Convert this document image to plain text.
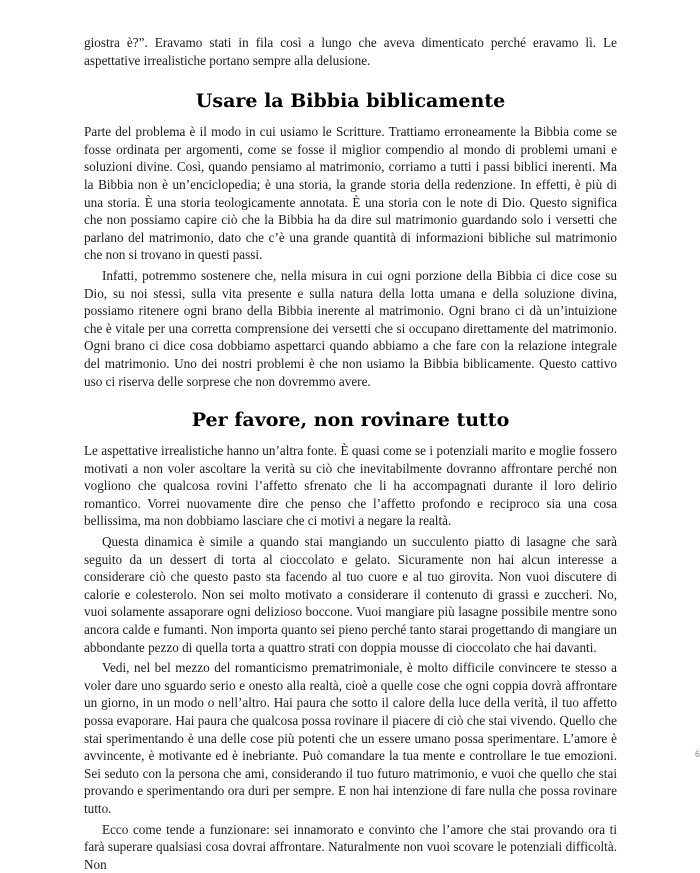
giostra è?”. Eravamo stati in fila così a lungo che aveva dimenticato perché eravamo lì. Le aspettative irrealistiche portano sempre alla delusione.

Usare la Bibbia biblicamente

Parte del problema è il modo in cui usiamo le Scritture. Trattiamo erroneamente la Bibbia come se fosse ordinata per argomenti, come se fosse il miglior compendio al mondo di problemi umani e soluzioni divine. Così, quando pensiamo al matrimonio, corriamo a tutti i passi biblici inerenti. Ma la Bibbia non è un’enciclopedia; è una storia, la grande storia della redenzione. In effetti, è più di una storia. È una storia teologicamente annotata. È una storia con le note di Dio. Questo significa che non possiamo capire ciò che la Bibbia ha da dire sul matrimonio guardando solo i versetti che parlano del matrimonio, dato che c’è una grande quantità di informazioni bibliche sul matrimonio che non si trovano in questi passi.

Infatti, potremmo sostenere che, nella misura in cui ogni porzione della Bibbia ci dice cose su Dio, su noi stessi, sulla vita presente e sulla natura della lotta umana e della soluzione divina, possiamo ritenere ogni brano della Bibbia inerente al matrimonio. Ogni brano ci dà un’intuizione che è vitale per una corretta comprensione dei versetti che si occupano direttamente del matrimonio. Ogni brano ci dice cosa dobbiamo aspettarci quando abbiamo a che fare con la relazione integrale del matrimonio. Uno dei nostri problemi è che non usiamo la Bibbia biblicamente. Questo cattivo uso ci riserva delle sorprese che non dovremmo avere.

Per favore, non rovinare tutto

Le aspettative irrealistiche hanno un’altra fonte. È quasi come se i potenziali marito e moglie fossero motivati a non voler ascoltare la verità su ciò che inevitabilmente dovranno affrontare perché non vogliono che qualcosa rovini l’affetto sfrenato che li ha accompagnati durante il loro delirio romantico. Vorrei nuovamente dire che penso che l’affetto profondo e reciproco sia una cosa bellissima, ma non dobbiamo lasciare che ci motivi a negare la realtà.

Questa dinamica è simile a quando stai mangiando un succulento piatto di lasagne che sarà seguito da un dessert di torta al cioccolato e gelato. Sicuramente non hai alcun interesse a considerare ciò che questo pasto sta facendo al tuo cuore e al tuo girovita. Non vuoi discutere di calorie e colesterolo. Non sei molto motivato a considerare il contenuto di grassi e zuccheri. No, vuoi solamente assaporare ogni delizioso boccone. Vuoi mangiare più lasagne possibile mentre sono ancora calde e fumanti. Non importa quanto sei pieno perché tanto starai progettando di mangiare un abbondante pezzo di quella torta a quattro strati con doppia mousse di cioccolato che hai davanti.

Vedi, nel bel mezzo del romanticismo prematrimoniale, è molto difficile convincere te stesso a voler dare uno sguardo serio e onesto alla realtà, cioè a quelle cose che ogni coppia dovrà affrontare un giorno, in un modo o nell’altro. Hai paura che sotto il calore della luce della verità, il tuo affetto possa evaporare. Hai paura che qualcosa possa rovinare il piacere di ciò che stai vivendo. Quello che stai sperimentando è una delle cose più potenti che un essere umano possa sperimentare. L’amore è avvincente, è motivante ed è inebriante. Può comandare la tua mente e controllare le tue emozioni. Sei seduto con la persona che ami, considerando il tuo futuro matrimonio, e vuoi che quello che stai provando e sperimentando ora duri per sempre. E non hai intenzione di fare nulla che possa rovinare tutto.

Ecco come tende a funzionare: sei innamorato e convinto che l’amore che stai provando ora ti farà superare qualsiasi cosa dovrai affrontare. Naturalmente non vuoi scovare le potenziali difficoltà. Non

6
